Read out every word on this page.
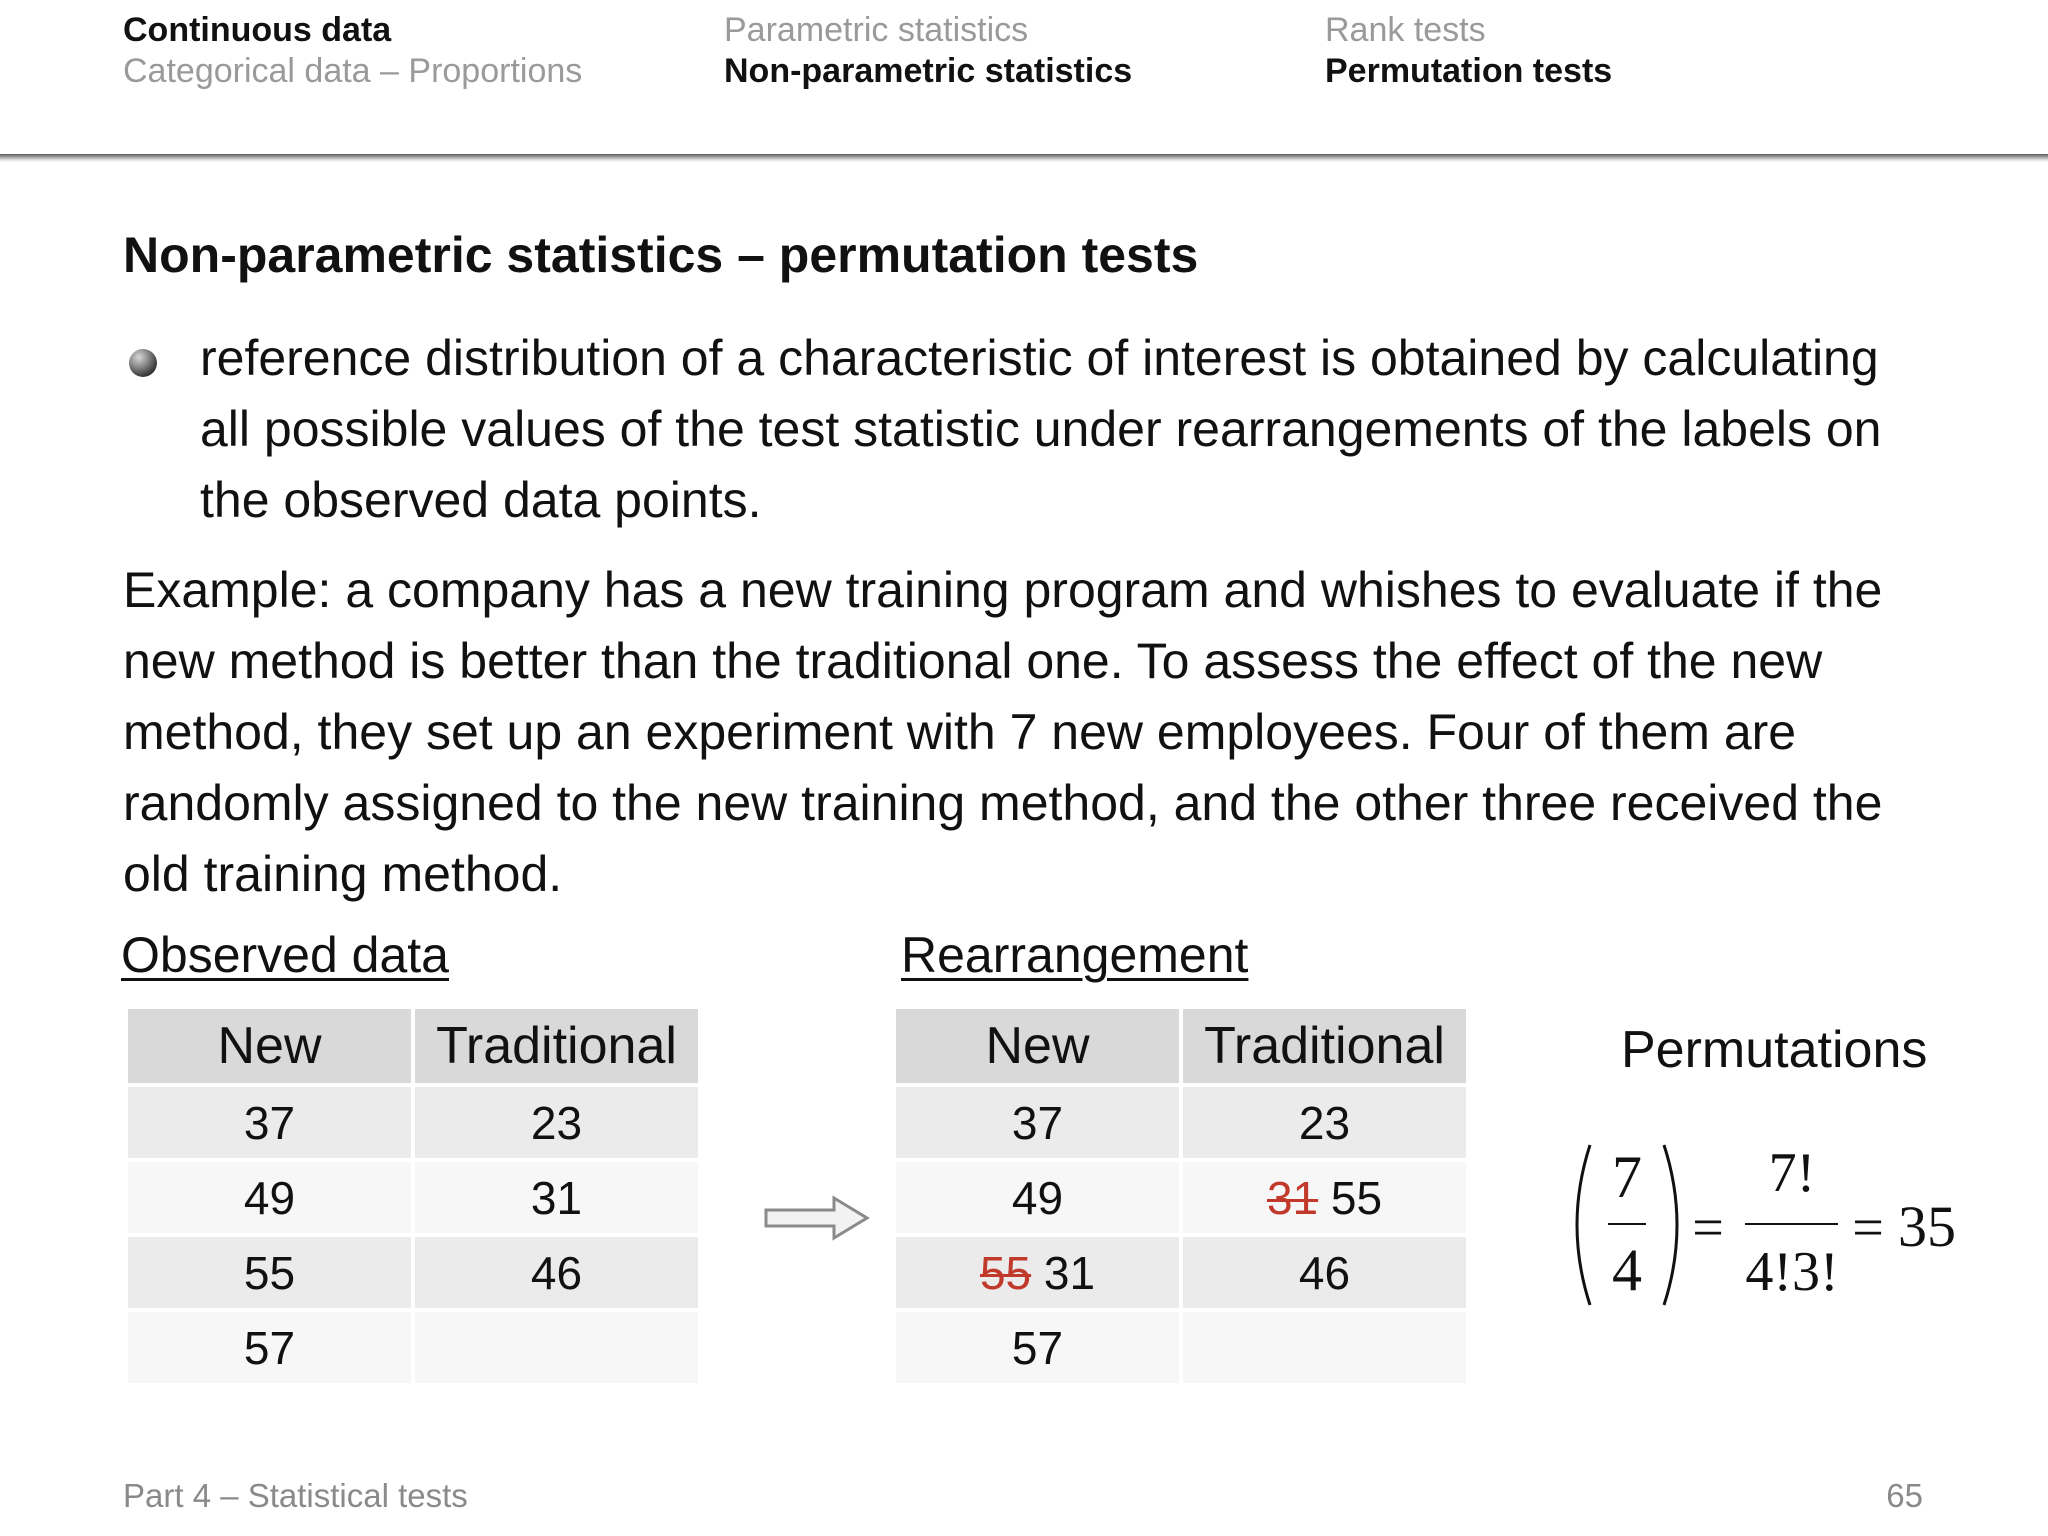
Continuous data
Categorical data – Proportions
Parametric statistics
Non-parametric statistics
Rank tests
Permutation tests
Non-parametric statistics – permutation tests
reference distribution of a characteristic of interest is obtained by calculating all possible values of the test statistic under rearrangements of the labels on the observed data points.
Example: a company has a new training program and whishes to evaluate if the new method is better than the traditional one. To assess the effect of the new method, they set up an experiment with 7 new employees. Four of them are randomly assigned to the new training method, and the other three received the old training method.
Observed data	Rearrangement
New	Traditional
37	23
49	31
55	46
57	
New	Traditional
37	23
49	31 55
55 31	46
57	
Permutations
7
4
=
7!
4!3!
= 35
Part 4 – Statistical tests	65
